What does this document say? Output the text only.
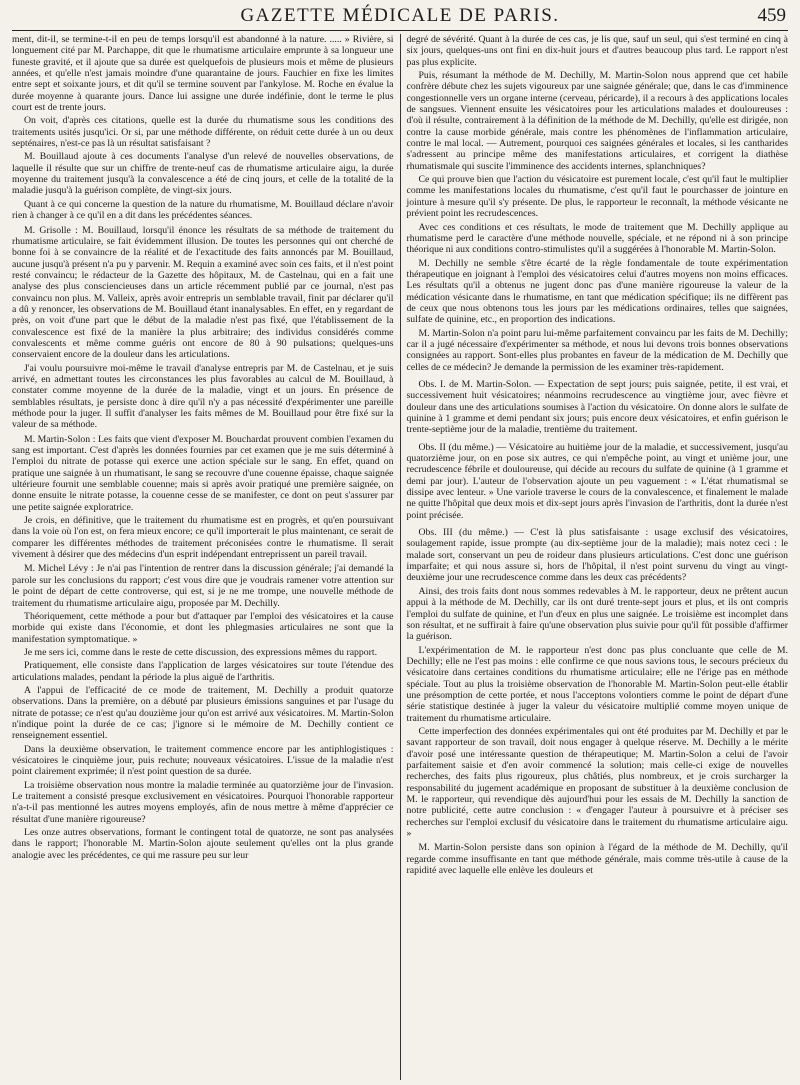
GAZETTE MÉDICALE DE PARIS.	459

ment, dit-il, se termine-t-il en peu de temps lorsqu'il est abandonné à la nature. ..... » Rivière, si longuement cité par M. Parchappe, dit que le rhumatisme articulaire emprunte à sa longueur une funeste gravité, et il ajoute que sa durée est quelquefois de plusieurs mois et même de plusieurs années, et qu'elle n'est jamais moindre d'une quarantaine de jours. Fauchier en fixe les limites entre sept et soixante jours, et dit qu'il se termine souvent par l'ankylose. M. Roche en évalue la durée moyenne à quarante jours. Dance lui assigne une durée indéfinie, dont le terme le plus court est de trente jours.

On voit, d'après ces citations, quelle est la durée du rhumatisme sous les conditions des traitements usités jusqu'ici. Or si, par une méthode différente, on réduit cette durée à un ou deux septénaires, n'est-ce pas là un résultat satisfaisant ?

M. Bouillaud ajoute à ces documents l'analyse d'un relevé de nouvelles observations, de laquelle il résulte que sur un chiffre de trente-neuf cas de rhumatisme articulaire aigu, la durée moyenne du traitement jusqu'à la convalescence a été de cinq jours, et celle de la totalité de la maladie jusqu'à la guérison complète, de vingt-six jours.

Quant à ce qui concerne la question de la nature du rhumatisme, M. Bouillaud déclare n'avoir rien à changer à ce qu'il en a dit dans les précédentes séances.

M. Grisolle : M. Bouillaud, lorsqu'il énonce les résultats de sa méthode de traitement du rhumatisme articulaire, se fait évidemment illusion. De toutes les personnes qui ont cherché de bonne foi à se convaincre de la réalité et de l'exactitude des faits annoncés par M. Bouillaud, aucune jusqu'à présent n'a pu y parvenir. M. Requin a examiné avec soin ces faits, et il n'est point resté convaincu; le rédacteur de la Gazette des hôpitaux, M. de Castelnau, qui en a fait une analyse des plus consciencieuses dans un article récemment publié par ce journal, n'est pas convaincu non plus. M. Valleix, après avoir entrepris un semblable travail, finit par déclarer qu'il a dû y renoncer, les observations de M. Bouillaud étant inanalysables. En effet, en y regardant de près, on voit d'une part que le début de la maladie n'est pas fixé, que l'établissement de la convalescence est fixé de la manière la plus arbitraire; des individus considérés comme convalescents et même comme guéris ont encore de 80 à 90 pulsations; quelques-uns conservaient encore de la douleur dans les articulations.

J'ai voulu poursuivre moi-même le travail d'analyse entrepris par M. de Castelnau, et je suis arrivé, en admettant toutes les circonstances les plus favorables au calcul de M. Bouillaud, à constater comme moyenne de la durée de la maladie, vingt et un jours. En présence de semblables résultats, je persiste donc à dire qu'il n'y a pas nécessité d'expérimenter une pareille méthode pour la juger. Il suffit d'analyser les faits mêmes de M. Bouillaud pour être fixé sur la valeur de sa méthode.

M. Martin-Solon : Les faits que vient d'exposer M. Bouchardat prouvent combien l'examen du sang est important. C'est d'après les données fournies par cet examen que je me suis déterminé à l'emploi du nitrate de potasse qui exerce une action spéciale sur le sang. En effet, quand on pratique une saignée à un rhumatisant, le sang se recouvre d'une couenne épaisse, chaque saignée ultérieure fournit une semblable couenne; mais si après avoir pratiqué une première saignée, on donne ensuite le nitrate potasse, la couenne cesse de se manifester, ce dont on peut s'assurer par une petite saignée exploratrice.

Je crois, en définitive, que le traitement du rhumatisme est en progrès, et qu'en poursuivant dans la voie où l'on est, on fera mieux encore; ce qu'il importerait le plus maintenant, ce serait de comparer les différentes méthodes de traitement préconisées contre le rhumatisme. Il serait vivement à désirer que des médecins d'un esprit indépendant entreprissent un pareil travail.

M. Michel Lévy : Je n'ai pas l'intention de rentrer dans la discussion générale; j'ai demandé la parole sur les conclusions du rapport; c'est vous dire que je voudrais ramener votre attention sur le point de départ de cette controverse, qui est, si je ne me trompe, une nouvelle méthode de traitement du rhumatisme articulaire aigu, proposée par M. Dechilly.

Théoriquement, cette méthode a pour but d'attaquer par l'emploi des vésicatoires et la cause morbide qui existe dans l'économie, et dont les phlegmasies articulaires ne sont que la manifestation symptomatique. »

Je me sers ici, comme dans le reste de cette discussion, des expressions mêmes du rapport.

Pratiquement, elle consiste dans l'application de larges vésicatoires sur toute l'étendue des articulations malades, pendant la période la plus aiguë de l'arthritis.

A l'appui de l'efficacité de ce mode de traitement, M. Dechilly a produit quatorze observations. Dans la première, on a débuté par plusieurs émissions sanguines et par l'usage du nitrate de potasse; ce n'est qu'au douzième jour qu'on est arrivé aux vésicatoires. M. Martin-Solon n'indique point la durée de ce cas; j'ignore si le mémoire de M. Dechilly contient ce renseignement essentiel.

Dans la deuxième observation, le traitement commence encore par les antiphlogistiques : vésicatoires le cinquième jour, puis rechute; nouveaux vésicatoires. L'issue de la maladie n'est point clairement exprimée; il n'est point question de sa durée.

La troisième observation nous montre la maladie terminée au quatorzième jour de l'invasion. Le traitement a consisté presque exclusivement en vésicatoires. Pourquoi l'honorable rapporteur n'a-t-il pas mentionné les autres moyens employés, afin de nous mettre à même d'apprécier ce résultat d'une manière rigoureuse?

Les onze autres observations, formant le contingent total de quatorze, ne sont pas analysées dans le rapport; l'honorable M. Martin-Solon ajoute seulement qu'elles ont la plus grande analogie avec les précédentes, ce qui me rassure peu sur leur

degré de sévérité. Quant à la durée de ces cas, je lis que, sauf un seul, qui s'est terminé en cinq à six jours, quelques-uns ont fini en dix-huit jours et d'autres beaucoup plus tard. Le rapport n'est pas plus explicite.

Puis, résumant la méthode de M. Dechilly, M. Martin-Solon nous apprend que cet habile confrère débute chez les sujets vigoureux par une saignée générale; que, dans le cas d'imminence congestionnelle vers un organe interne (cerveau, péricarde), il a recours à des applications locales de sangsues. Viennent ensuite les vésicatoires pour les articulations malades et douloureuses : d'où il résulte, contrairement à la définition de la méthode de M. Dechilly, qu'elle est dirigée, non contre la cause morbide générale, mais contre les phénomènes de l'inflammation articulaire, contre le mal local. — Autrement, pourquoi ces saignées générales et locales, si les cantharides s'adressent au principe même des manifestations articulaires, et corrigent la diathèse rhumatismale qui suscite l'imminence des accidents internes, splanchniques?

Ce qui prouve bien que l'action du vésicatoire est purement locale, c'est qu'il faut le multiplier comme les manifestations locales du rhumatisme, c'est qu'il faut le pourchasser de jointure en jointure à mesure qu'il s'y présente. De plus, le rapporteur le reconnaît, la méthode vésicante ne prévient point les recrudescences.

Avec ces conditions et ces résultats, le mode de traitement que M. Dechilly applique au rhumatisme perd le caractère d'une méthode nouvelle, spéciale, et ne répond ni à son principe théorique ni aux conditions contro-stimulistes qu'il a suggérées à l'honorable M. Martin-Solon.

M. Dechilly ne semble s'être écarté de la règle fondamentale de toute expérimentation thérapeutique en joignant à l'emploi des vésicatoires celui d'autres moyens non moins efficaces. Les résultats qu'il a obtenus ne jugent donc pas d'une manière rigoureuse la valeur de la médication vésicante dans le rhumatisme, en tant que médication spécifique; ils ne diffèrent pas de ceux que nous obtenons tous les jours par les médications ordinaires, telles que saignées, sulfate de quinine, etc., en proportion des indications.

M. Martin-Solon n'a point paru lui-même parfaitement convaincu par les faits de M. Dechilly; car il a jugé nécessaire d'expérimenter sa méthode, et nous lui devons trois bonnes observations consignées au rapport. Sont-elles plus probantes en faveur de la médication de M. Dechilly que celles de ce médecin? Je demande la permission de les examiner très-rapidement.

Obs. I. de M. Martin-Solon. — Expectation de sept jours; puis saignée, petite, il est vrai, et successivement huit vésicatoires; néanmoins recrudescence au vingtième jour, avec fièvre et douleur dans une des articulations soumises à l'action du vésicatoire. On donne alors le sulfate de quinine à 1 gramme et demi pendant six jours; puis encore deux vésicatoires, et enfin guérison le trente-septième jour de la maladie, trentième du traitement.

Obs. II (du même.) — Vésicatoire au huitième jour de la maladie, et successivement, jusqu'au quatorzième jour, on en pose six autres, ce qui n'empêche point, au vingt et unième jour, une recrudescence fébrile et douloureuse, qui décide au recours du sulfate de quinine (à 1 gramme et demi par jour). L'auteur de l'observation ajoute un peu vaguement : « L'état rhumatismal se dissipe avec lenteur. » Une variole traverse le cours de la convalescence, et finalement le malade ne quitte l'hôpital que deux mois et dix-sept jours après l'invasion de l'arthritis, dont la durée n'est point précisée.

Obs. III (du même.) — C'est là plus satisfaisante : usage exclusif des vésicatoires, soulagement rapide, issue prompte (au dix-septième jour de la maladie); mais notez ceci : le malade sort, conservant un peu de roideur dans plusieurs articulations. C'est donc une guérison imparfaite; et qui nous assure si, hors de l'hôpital, il n'est point survenu du vingt au vingt-deuxième jour une recrudescence comme dans les deux cas précédents?

Ainsi, des trois faits dont nous sommes redevables à M. le rapporteur, deux ne prêtent aucun appui à la méthode de M. Dechilly, car ils ont duré trente-sept jours et plus, et ils ont compris l'emploi du sulfate de quinine, et l'un d'eux en plus une saignée. Le troisième est incomplet dans son résultat, et ne suffirait à faire qu'une observation plus suivie pour qu'il fût possible d'affirmer la guérison.

L'expérimentation de M. le rapporteur n'est donc pas plus concluante que celle de M. Dechilly; elle ne l'est pas moins : elle confirme ce que nous savions tous, le secours précieux du vésicatoire dans certaines conditions du rhumatisme articulaire; elle ne l'érige pas en méthode spéciale. Tout au plus la troisième observation de l'honorable M. Martin-Solon peut-elle établir une présomption de cette portée, et nous l'acceptons volontiers comme le point de départ d'une série statistique destinée à juger la valeur du vésicatoire multiplié comme moyen unique de traitement du rhumatisme articulaire.

Cette imperfection des données expérimentales qui ont été produites par M. Dechilly et par le savant rapporteur de son travail, doit nous engager à quelque réserve. M. Dechilly a le mérite d'avoir posé une intéressante question de thérapeutique; M. Martin-Solon a celui de l'avoir parfaitement saisie et d'en avoir commencé la solution; mais celle-ci exige de nouvelles recherches, des faits plus rigoureux, plus châtiés, plus nombreux, et je crois surcharger la responsabilité du jugement académique en proposant de substituer à la deuxième conclusion de M. le rapporteur, qui revendique dès aujourd'hui pour les essais de M. Dechilly la sanction de notre publicité, cette autre conclusion : « d'engager l'auteur à poursuivre et à préciser ses recherches sur l'emploi exclusif du vésicatoire dans le traitement du rhumatisme articulaire aigu. »

M. Martin-Solon persiste dans son opinion à l'égard de la méthode de M. Dechilly, qu'il regarde comme insuffisante en tant que méthode générale, mais comme très-utile à cause de la rapidité avec laquelle elle enlève les douleurs et
